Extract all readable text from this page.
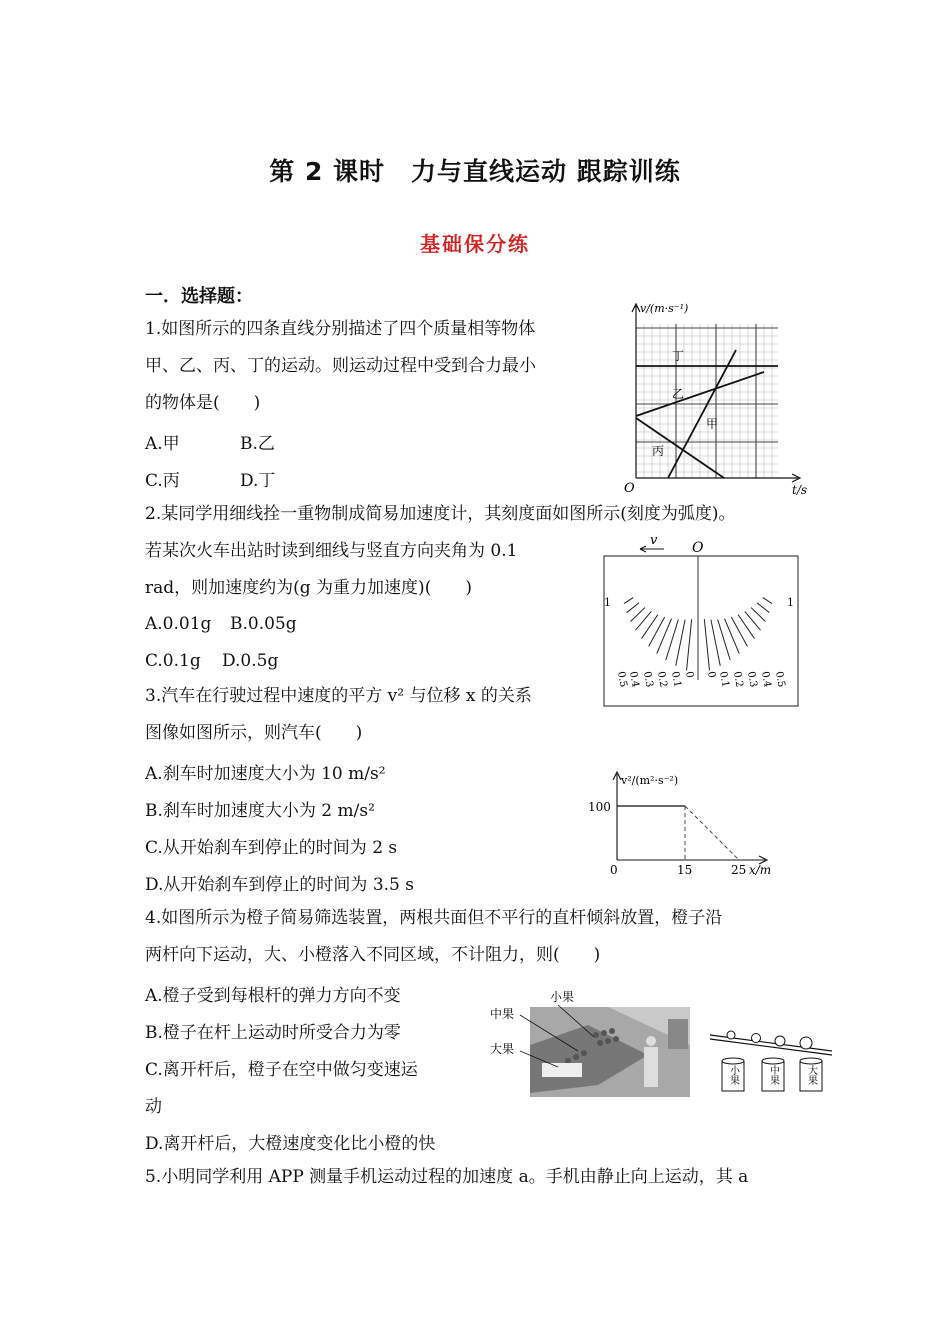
第 2 课时　力与直线运动 跟踪训练
基础保分练
一．选择题：
1.如图所示的四条直线分别描述了四个质量相等物体
甲、乙、丙、丁的运动。则运动过程中受到合力最小
的物体是(　　)
A.甲	B.乙
C.丙	D.丁
v/(m·s⁻¹)
t/s
O
丁
乙
甲
丙
2.某同学用细线拴一重物制成简易加速度计，其刻度面如图所示(刻度为弧度)。
若某次火车出站时读到细线与竖直方向夹角为 0.1
rad，则加速度约为(g 为重力加速度)(　　)
A.0.01g B.0.05g
C.0.1g D.0.5g
v O
1	1
0.5
0.4 0.3 0.2 0.1 0 0 0.1 0.2 0.3 0.4 0.5
3.汽车在行驶过程中速度的平方 v² 与位移 x 的关系
图像如图所示，则汽车(　　)
A.刹车时加速度大小为 10 m/s²
B.刹车时加速度大小为 2 m/s²
C.从开始刹车到停止的时间为 2 s
D.从开始刹车到停止的时间为 3.5 s
v²/(m²·s⁻²)
100
0	15	25 x/m
4.如图所示为橙子简易筛选装置，两根共面但不平行的直杆倾斜放置，橙子沿
两杆向下运动，大、小橙落入不同区域，不计阻力，则(　　)
A.橙子受到每根杆的弹力方向不变
B.橙子在杆上运动时所受合力为零
C.离开杆后，橙子在空中做匀变速运
动
D.离开杆后，大橙速度变化比小橙的快
小果
中果
大果
小果	中果	大果
5.小明同学利用 APP 测量手机运动过程的加速度 a。手机由静止向上运动，其 a
